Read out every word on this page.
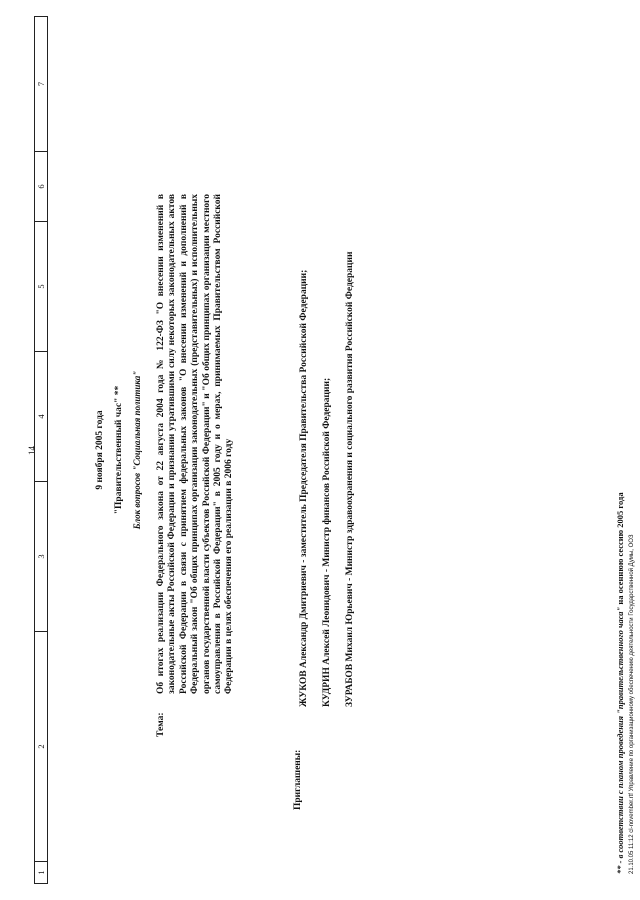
14
1
2
3
4
5
6
7
9 ноября 2005 года "Правительственный час" ** Блок вопросов "Социальная политика"
Тема:
Об итогах реализации Федерального закона от 22 августа 2004 года № 122-ФЗ "О внесении изменений в законодательные акты Российской Федерации и признании утратившими силу некоторых законодательных актов Российской Федерации в связи с принятием федеральных законов "О внесении изменений и дополнений в Федеральный закон "Об общих принципах организации законодательных (представительных) и исполнительных органов государственной власти субъектов Российской Федерации" и "Об общих принципах организации местного самоуправления в Российской Федерации" в 2005 году и о мерах, принимаемых Правительством Российской Федерации в целях обеспечения его реализации в 2006 году
Приглашены:
ЖУКОВ Александр Дмитриевич - заместитель Председателя Правительства Российской Федерации;	КУДРИН Алексей Леонидович - Министр финансов Российской Федерации;	ЗУРАБОВ Михаил Юрьевич - Министр здравоохранения и социального развития Российской Федерации
** - в соответствии с планом проведения "правительственного часа" на осеннюю сессию 2005 года 21.10.05 11:12 cl-november.rtf Управление по организационному обеспечению деятельности Государственной Думы, ООЗ
